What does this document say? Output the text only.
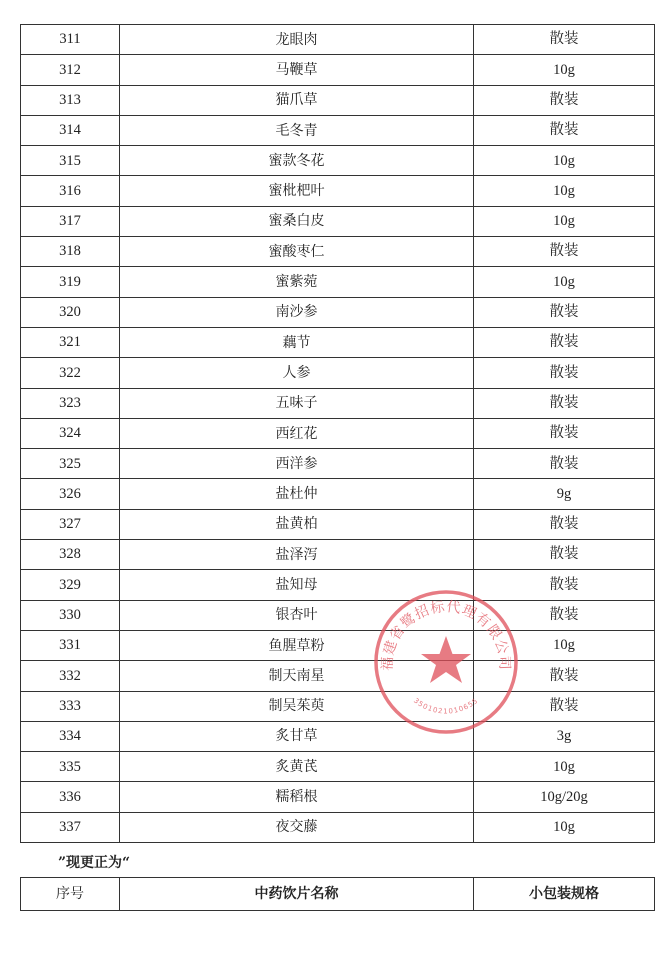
311	龙眼肉	散装
312	马鞭草	10g
313	猫爪草	散装
314	毛冬青	散装
315	蜜款冬花	10g
316	蜜枇杷叶	10g
317	蜜桑白皮	10g
318	蜜酸枣仁	散装
319	蜜紫菀	10g
320	南沙参	散装
321	藕节	散装
322	人参	散装
323	五味子	散装
324	西红花	散装
325	西洋参	散装
326	盐杜仲	9g
327	盐黄柏	散装
328	盐泽泻	散装
329	盐知母	散装
330	银杏叶	散装
331	鱼腥草粉	10g
332	制天南星	散装
333	制吴茱萸	散装
334	炙甘草	3g
335	炙黄芪	10g
336	糯稻根	10g/20g
337	夜交藤	10g
”现更正为“
序号	中药饮片名称	小包装规格
福建省鹭招标代理有限公司
3501021010655
